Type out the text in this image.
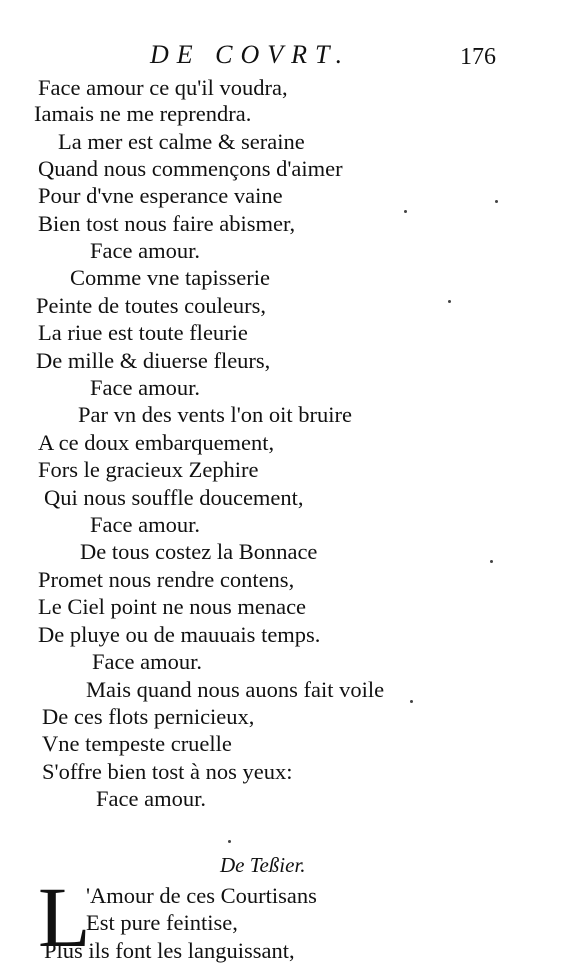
DE COVRT.	176
Face amour ce qu'il voudra,
Iamais ne me reprendra.
La mer est calme & seraine
Quand nous commençons d'aimer
Pour d'vne esperance vaine
Bien tost nous faire abismer,
Face amour.
Comme vne tapisserie
Peinte de toutes couleurs,
La riue est toute fleurie
De mille & diuerse fleurs,
Face amour.
Par vn des vents l'on oit bruire
A ce doux embarquement,
Fors le gracieux Zephire
Qui nous souffle doucement,
Face amour.
De tous costez la Bonnace
Promet nous rendre contens,
Le Ciel point ne nous menace
De pluye ou de mauuais temps.
Face amour.
Mais quand nous auons fait voile
De ces flots pernicieux,
Vne tempeste cruelle
S'offre bien tost à nos yeux:
Face amour.
De Teßier.
L
'Amour de ces Courtisans
Est pure feintise,
Plus ils font les languissant,
